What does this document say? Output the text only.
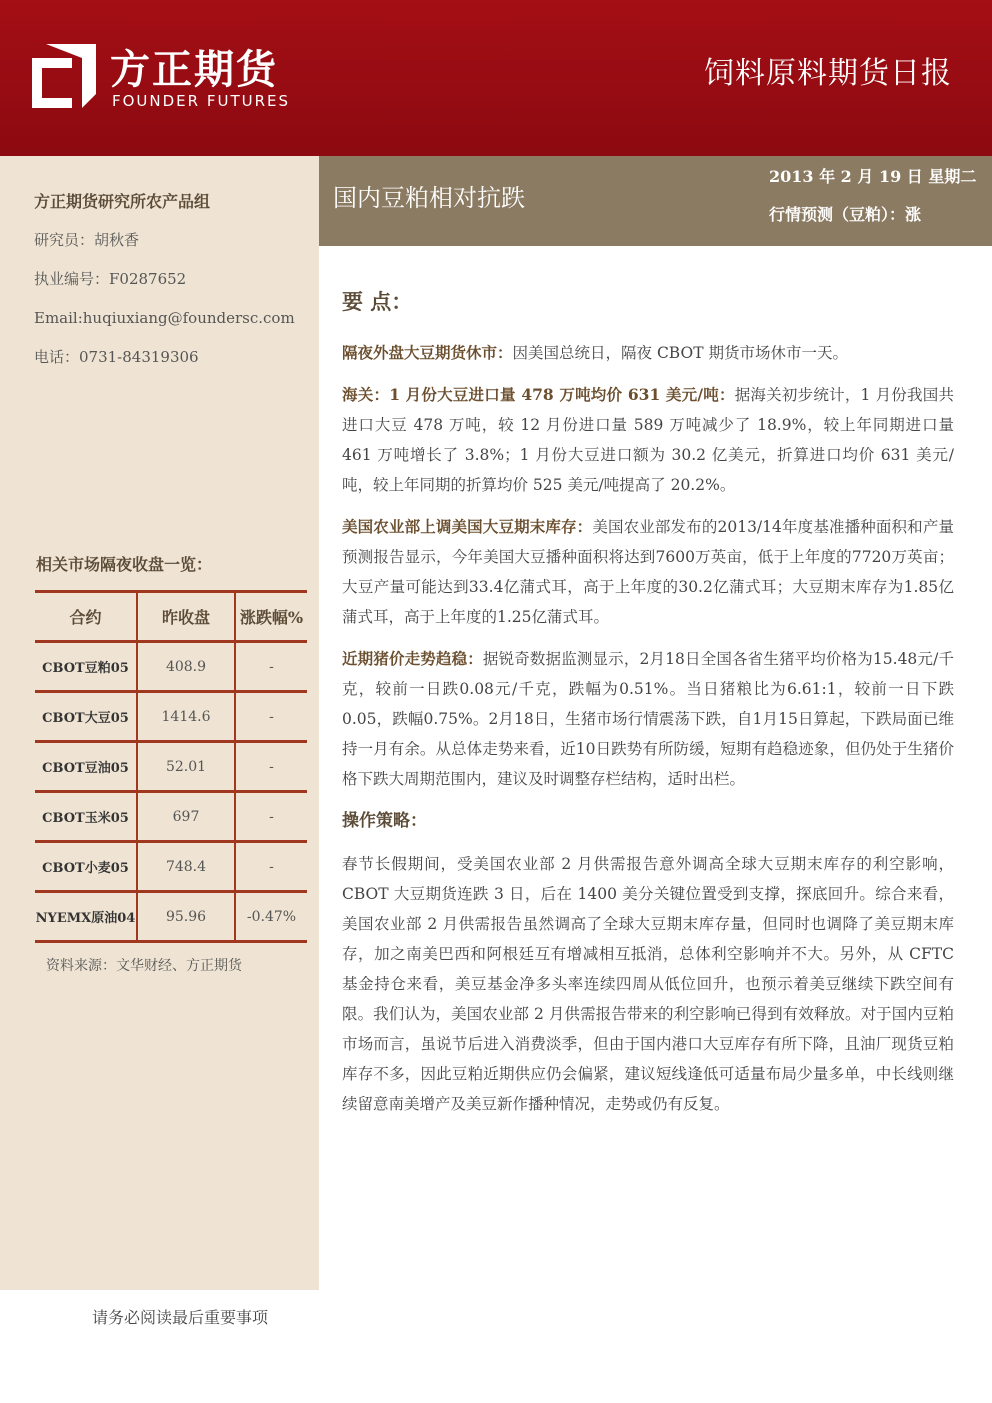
方正期货
FOUNDER FUTURES
饲料原料期货日报
国内豆粕相对抗跌
2013 年 2 月 19 日 星期二
行情预测（豆粕）：涨
方正期货研究所农产品组
研究员：胡秋香
执业编号：F0287652
Email:huqiuxiang@foundersc.com
电话：0731-84319306
相关市场隔夜收盘一览：
合约	昨收盘	涨跌幅%
CBOT豆粕05	408.9	-
CBOT大豆05	1414.6	-
CBOT豆油05	52.01	-
CBOT玉米05	697	-
CBOT小麦05	748.4	-
NYEMX原油04	95.96	-0.47%
资料来源：文华财经、方正期货
请务必阅读最后重要事项
要 点：

隔夜外盘大豆期货休市：因美国总统日，隔夜 CBOT 期货市场休市一天。

海关：1 月份大豆进口量 478 万吨均价 631 美元/吨：据海关初步统计，1 月份我国共进口大豆 478 万吨，较 12 月份进口量 589 万吨减少了 18.9%，较上年同期进口量 461 万吨增长了 3.8%；1 月份大豆进口额为 30.2 亿美元，折算进口均价 631 美元/吨，较上年同期的折算均价 525 美元/吨提高了 20.2%。

美国农业部上调美国大豆期末库存：美国农业部发布的2013/14年度基准播种面积和产量预测报告显示，今年美国大豆播种面积将达到7600万英亩，低于上年度的7720万英亩；大豆产量可能达到33.4亿蒲式耳，高于上年度的30.2亿蒲式耳；大豆期末库存为1.85亿蒲式耳，高于上年度的1.25亿蒲式耳。

近期猪价走势趋稳：据锐奇数据监测显示，2月18日全国各省生猪平均价格为15.48元/千克，较前一日跌0.08元/千克，跌幅为0.51%。当日猪粮比为6.61:1，较前一日下跌0.05，跌幅0.75%。2月18日，生猪市场行情震荡下跌，自1月15日算起，下跌局面已维持一月有余。从总体走势来看，近10日跌势有所防缓，短期有趋稳迹象，但仍处于生猪价格下跌大周期范围内，建议及时调整存栏结构，适时出栏。

操作策略：

春节长假期间，受美国农业部 2 月供需报告意外调高全球大豆期末库存的利空影响，CBOT 大豆期货连跌 3 日，后在 1400 美分关键位置受到支撑，探底回升。综合来看，美国农业部 2 月供需报告虽然调高了全球大豆期末库存量，但同时也调降了美豆期末库存，加之南美巴西和阿根廷互有增减相互抵消，总体利空影响并不大。另外，从 CFTC 基金持仓来看，美豆基金净多头率连续四周从低位回升，也预示着美豆继续下跌空间有限。我们认为，美国农业部 2 月供需报告带来的利空影响已得到有效释放。对于国内豆粕市场而言，虽说节后进入消费淡季，但由于国内港口大豆库存有所下降，且油厂现货豆粕库存不多，因此豆粕近期供应仍会偏紧，建议短线逢低可适量布局少量多单，中长线则继续留意南美增产及美豆新作播种情况，走势或仍有反复。
